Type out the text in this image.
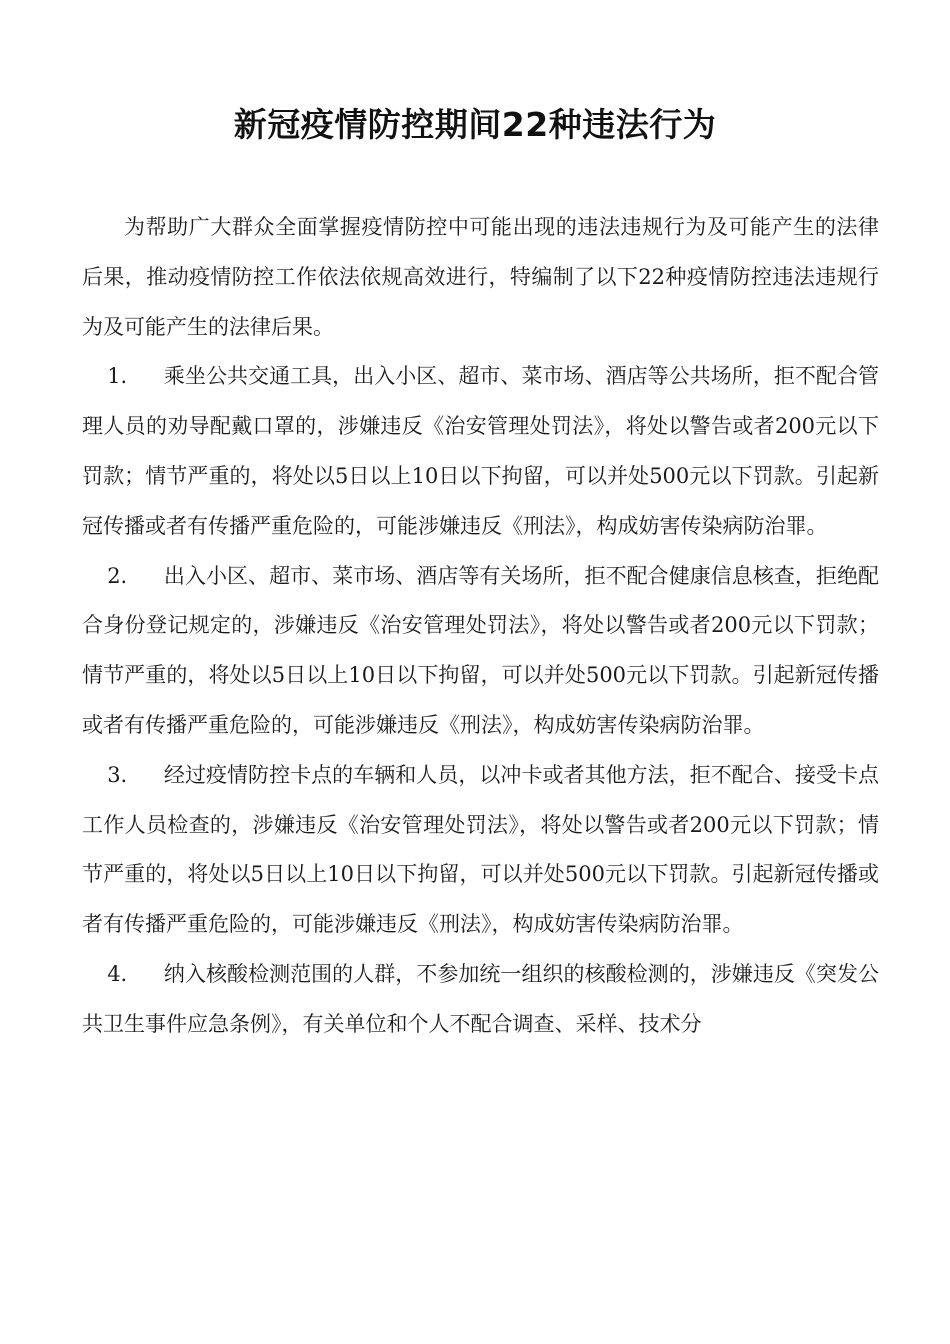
新冠疫情防控期间22种违法行为

为帮助广大群众全面掌握疫情防控中可能出现的违法违规行为及可能产生的法律后果，推动疫情防控工作依法依规高效进行，特编制了以下22种疫情防控违法违规行为及可能产生的法律后果。

1. 乘坐公共交通工具，出入小区、超市、菜市场、酒店等公共场所，拒不配合管理人员的劝导配戴口罩的，涉嫌违反《治安管理处罚法》，将处以警告或者200元以下罚款；情节严重的，将处以5日以上10日以下拘留，可以并处500元以下罚款。引起新冠传播或者有传播严重危险的，可能涉嫌违反《刑法》，构成妨害传染病防治罪。

2. 出入小区、超市、菜市场、酒店等有关场所，拒不配合健康信息核查，拒绝配合身份登记规定的，涉嫌违反《治安管理处罚法》，将处以警告或者200元以下罚款；情节严重的，将处以5日以上10日以下拘留，可以并处500元以下罚款。引起新冠传播或者有传播严重危险的，可能涉嫌违反《刑法》，构成妨害传染病防治罪。

3. 经过疫情防控卡点的车辆和人员，以冲卡或者其他方法，拒不配合、接受卡点工作人员检查的，涉嫌违反《治安管理处罚法》，将处以警告或者200元以下罚款；情节严重的，将处以5日以上10日以下拘留，可以并处500元以下罚款。引起新冠传播或者有传播严重危险的，可能涉嫌违反《刑法》，构成妨害传染病防治罪。

4. 纳入核酸检测范围的人群，不参加统一组织的核酸检测的，涉嫌违反《突发公共卫生事件应急条例》，有关单位和个人不配合调查、采样、技术分
